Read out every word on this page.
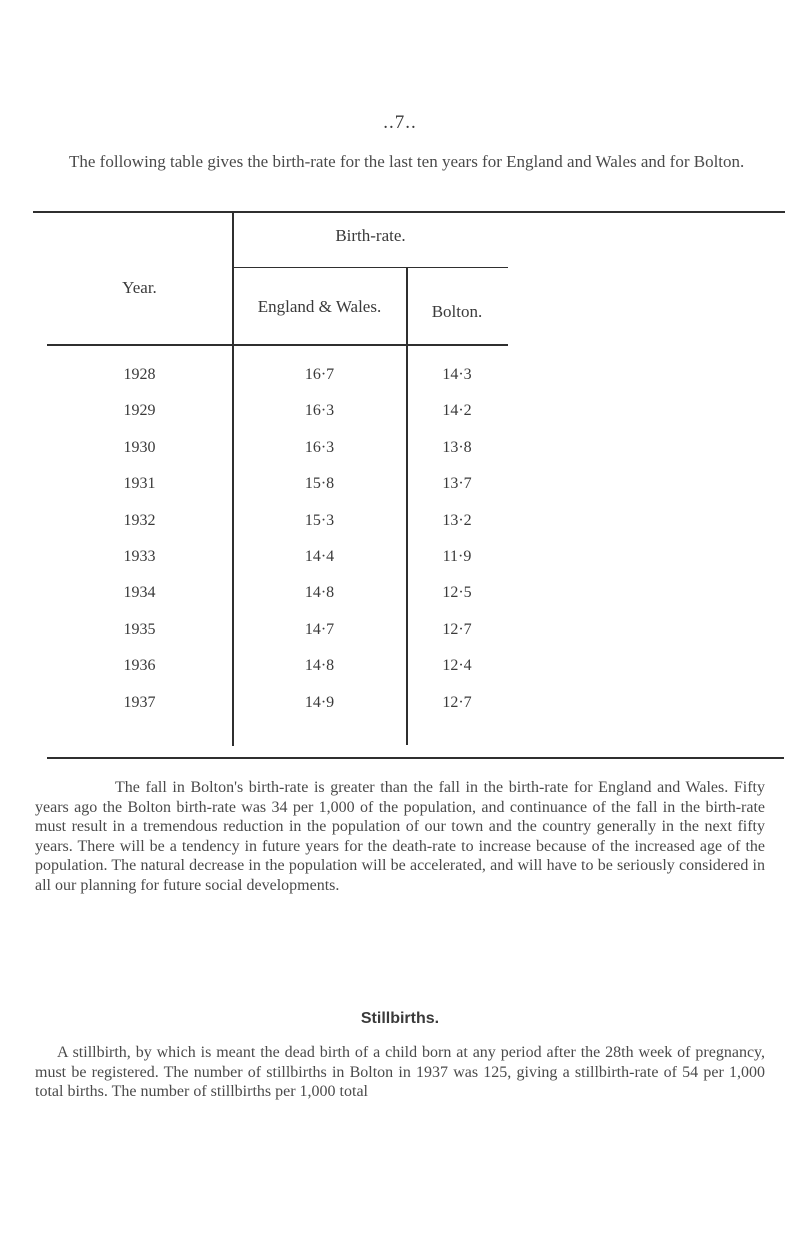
..7..
The following table gives the birth-rate for the last ten years for England and Wales and for Bolton.
Birth-rate.
Year.
England & Wales.	Bolton.
1928	16·7	14·3
1929	16·3	14·2
1930	16·3	13·8
1931	15·8	13·7
1932	15·3	13·2
1933	14·4	11·9
1934	14·8	12·5
1935	14·7	12·7
1936	14·8	12·4
1937	14·9	12·7
The fall in Bolton's birth-rate is greater than the fall in the birth-rate for England and Wales. Fifty years ago the Bolton birth-rate was 34 per 1,000 of the population, and continuance of the fall in the birth-rate must result in a tremendous reduction in the population of our town and the country generally in the next fifty years. There will be a tendency in future years for the death-rate to increase because of the increased age of the population. The natural decrease in the population will be accelerated, and will have to be seriously considered in all our planning for future social developments.
Stillbirths.
A stillbirth, by which is meant the dead birth of a child born at any period after the 28th week of pregnancy, must be registered. The number of stillbirths in Bolton in 1937 was 125, giving a stillbirth-rate of 54 per 1,000 total births. The number of stillbirths per 1,000 total
